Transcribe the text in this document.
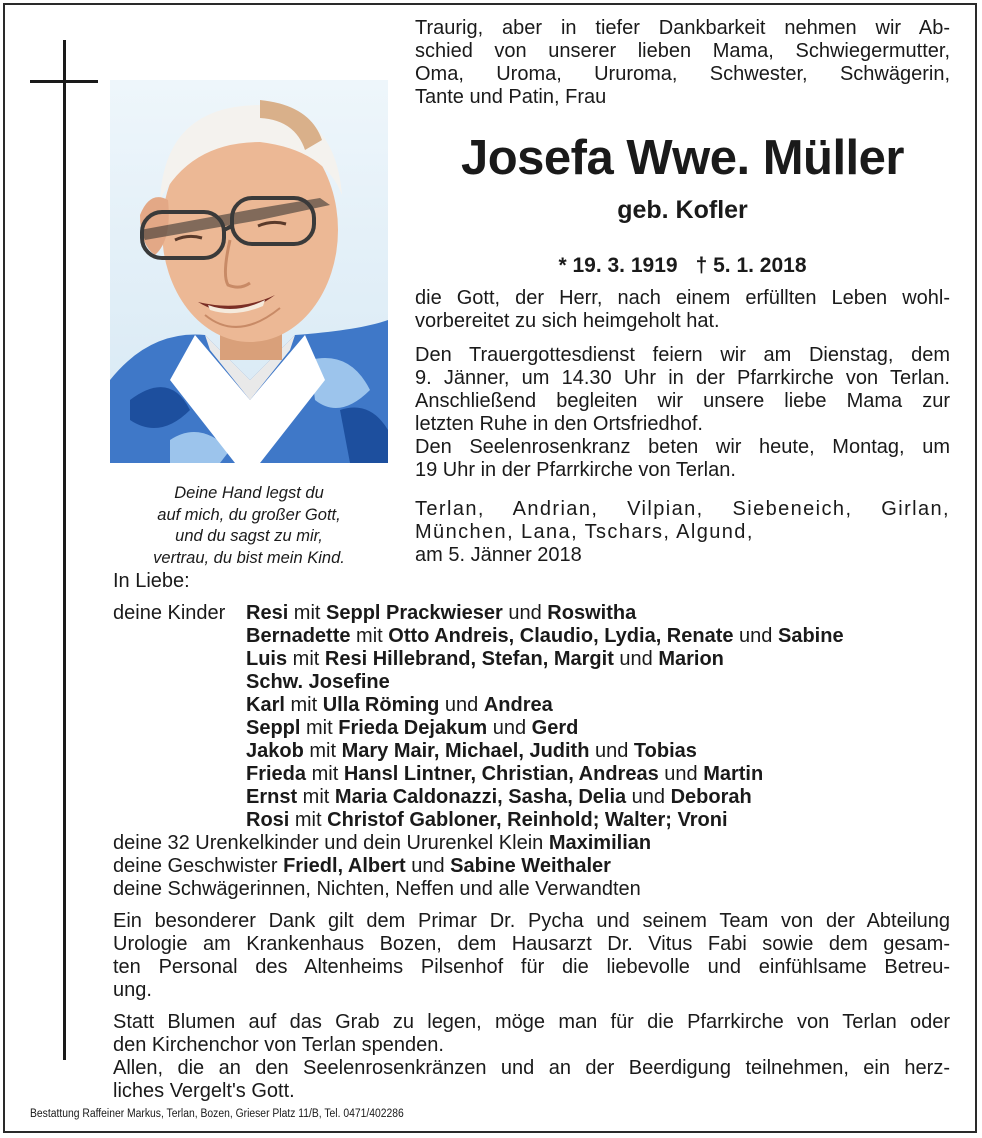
Deine Hand legst du
auf mich, du großer Gott,
und du sagst zu mir,
vertrau, du bist mein Kind.
Traurig, aber in tiefer Dankbarkeit nehmen wir Ab-
schied von unserer lieben Mama, Schwiegermutter,
Oma, Uroma, Ururoma, Schwester, Schwägerin,
Tante und Patin, Frau
Josefa Wwe. Müller
geb. Kofler
* 19. 3. 1919 † 5. 1. 2018
die Gott, der Herr, nach einem erfüllten Leben wohl-
vorbereitet zu sich heimgeholt hat.
Den Trauergottesdienst feiern wir am Dienstag, dem
9. Jänner, um 14.30 Uhr in der Pfarrkirche von Terlan.
Anschließend begleiten wir unsere liebe Mama zur
letzten Ruhe in den Ortsfriedhof.
Den Seelenrosenkranz beten wir heute, Montag, um
19 Uhr in der Pfarrkirche von Terlan.
Terlan, Andrian, Vilpian, Siebeneich, Girlan,
München, Lana, Tschars, Algund,
am 5. Jänner 2018
In Liebe:
deine Kinder Resi mit Seppl Prackwieser und Roswitha
Bernadette mit Otto Andreis, Claudio, Lydia, Renate und Sabine
Luis mit Resi Hillebrand, Stefan, Margit und Marion
Schw. Josefine
Karl mit Ulla Röming und Andrea
Seppl mit Frieda Dejakum und Gerd
Jakob mit Mary Mair, Michael, Judith und Tobias
Frieda mit Hansl Lintner, Christian, Andreas und Martin
Ernst mit Maria Caldonazzi, Sasha, Delia und Deborah
Rosi mit Christof Gabloner, Reinhold; Walter; Vroni
deine 32 Urenkelkinder und dein Ururenkel Klein Maximilian
deine Geschwister Friedl, Albert und Sabine Weithaler
deine Schwägerinnen, Nichten, Neffen und alle Verwandten
Ein besonderer Dank gilt dem Primar Dr. Pycha und seinem Team von der Abteilung
Urologie am Krankenhaus Bozen, dem Hausarzt Dr. Vitus Fabi sowie dem gesam-
ten Personal des Altenheims Pilsenhof für die liebevolle und einfühlsame Betreu-
ung.
Statt Blumen auf das Grab zu legen, möge man für die Pfarrkirche von Terlan oder
den Kirchenchor von Terlan spenden.
Allen, die an den Seelenrosenkränzen und an der Beerdigung teilnehmen, ein herz-
liches Vergelt's Gott.
Bestattung Raffeiner Markus, Terlan, Bozen, Grieser Platz 11/B, Tel. 0471/402286
